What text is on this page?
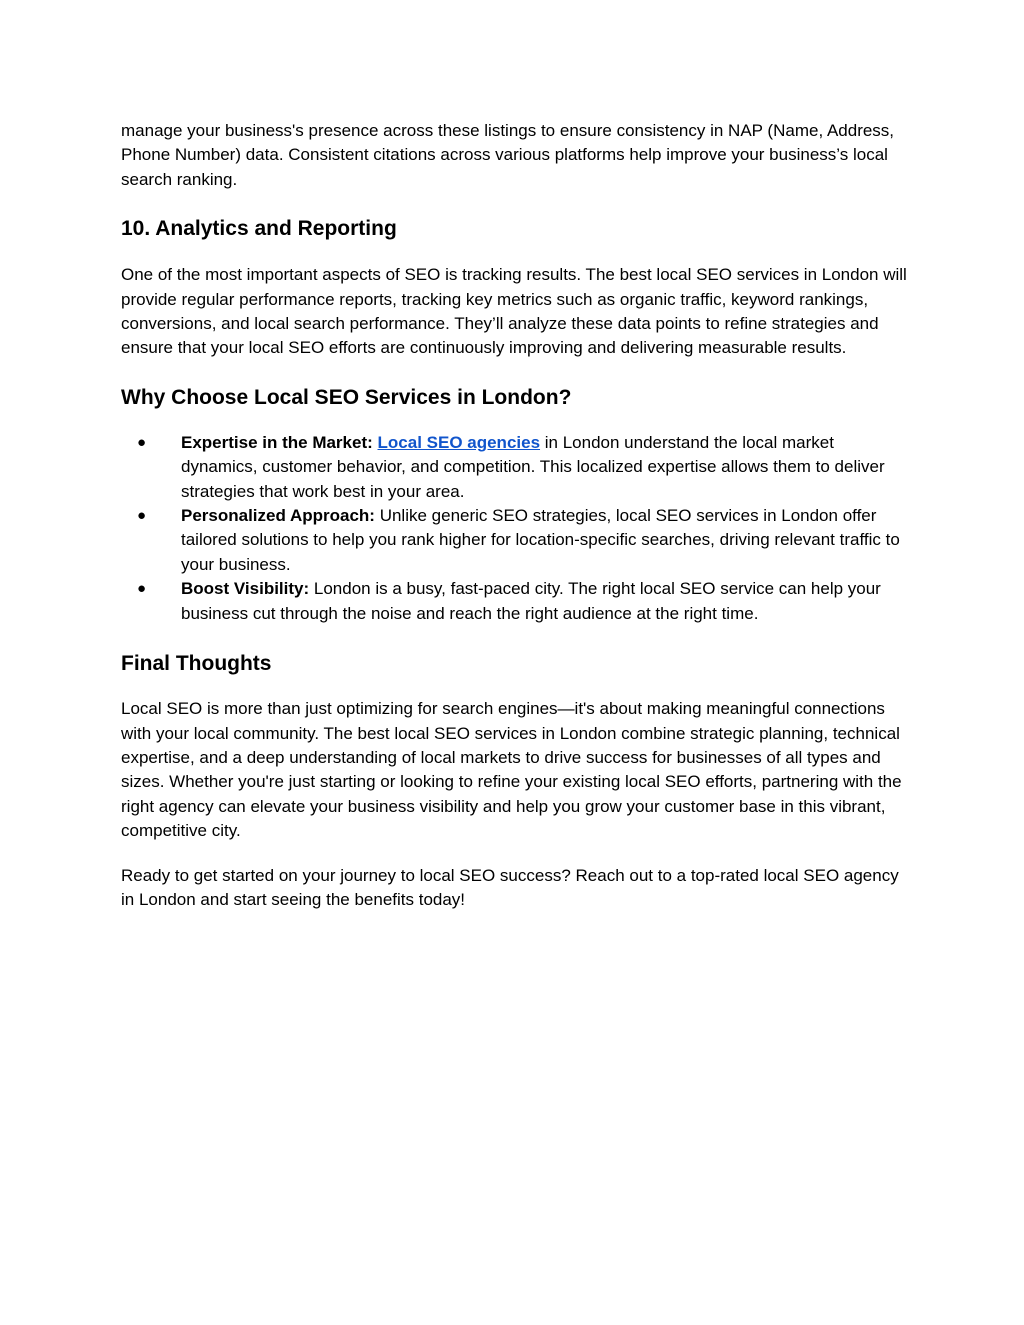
manage your business's presence across these listings to ensure consistency in NAP (Name, Address, Phone Number) data. Consistent citations across various platforms help improve your business’s local search ranking.

10. Analytics and Reporting

One of the most important aspects of SEO is tracking results. The best local SEO services in London will provide regular performance reports, tracking key metrics such as organic traffic, keyword rankings, conversions, and local search performance. They’ll analyze these data points to refine strategies and ensure that your local SEO efforts are continuously improving and delivering measurable results.

Why Choose Local SEO Services in London?
● Expertise in the Market: Local SEO agencies in London understand the local market dynamics, customer behavior, and competition. This localized expertise allows them to deliver strategies that work best in your area.
● Personalized Approach: Unlike generic SEO strategies, local SEO services in London offer tailored solutions to help you rank higher for location-specific searches, driving relevant traffic to your business.
● Boost Visibility: London is a busy, fast-paced city. The right local SEO service can help your business cut through the noise and reach the right audience at the right time.
Final Thoughts

Local SEO is more than just optimizing for search engines—it's about making meaningful connections with your local community. The best local SEO services in London combine strategic planning, technical expertise, and a deep understanding of local markets to drive success for businesses of all types and sizes. Whether you're just starting or looking to refine your existing local SEO efforts, partnering with the right agency can elevate your business visibility and help you grow your customer base in this vibrant, competitive city.

Ready to get started on your journey to local SEO success? Reach out to a top-rated local SEO agency in London and start seeing the benefits today!
